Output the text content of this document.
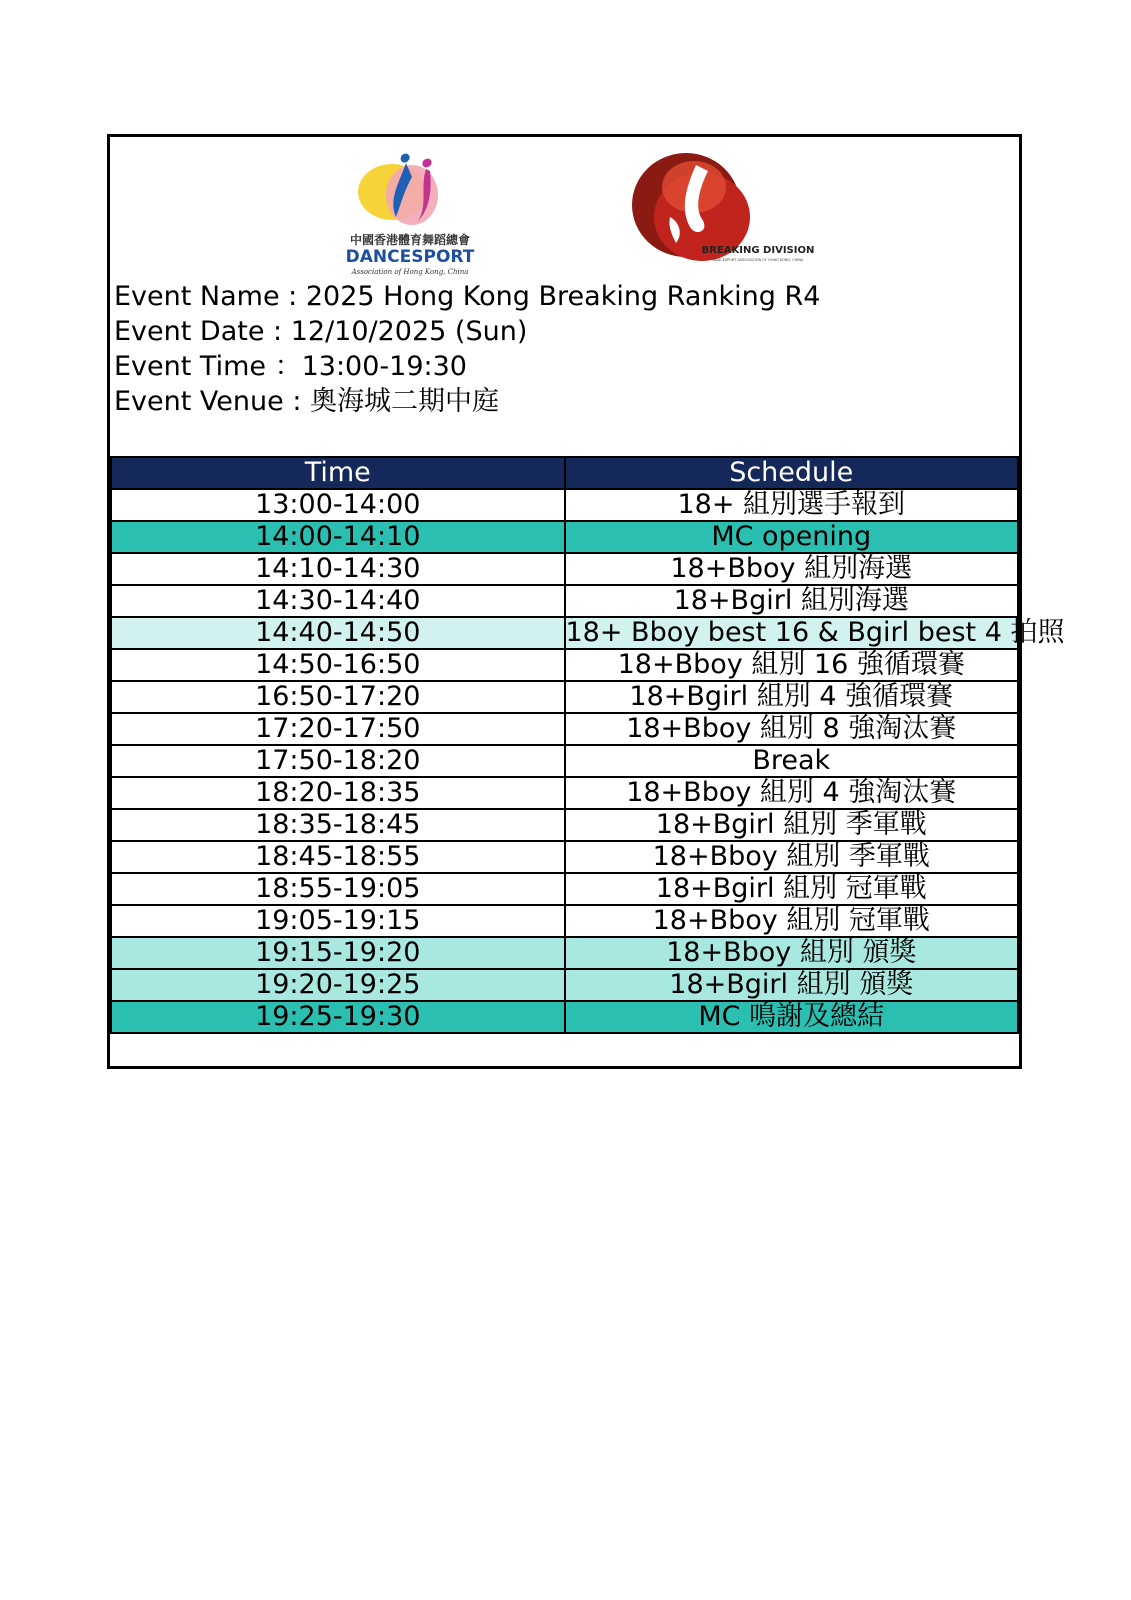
中國香港體育舞蹈總會
DANCESPORT
Association of Hong Kong, China
BREAKING DIVISION
DANCESPORT ASSOCIATION OF HONG KONG, CHINA
Event Name : 2025 Hong Kong Breaking Ranking R4
Event Date : 12/10/2025 (Sun)
Event Time ：13:00-19:30
Event Venue : 奧海城二期中庭
Time	Schedule
13:00-14:00	18+ 組別選手報到
14:00-14:10	MC opening
14:10-14:30	18+Bboy 組別海選
14:30-14:40	18+Bgirl 組別海選
14:40-14:50	18+ Bboy best 16 & Bgirl best 4 拍照
14:50-16:50	18+Bboy 組別 16 強循環賽
16:50-17:20	18+Bgirl 組別 4 強循環賽
17:20-17:50	18+Bboy 組別 8 強淘汰賽
17:50-18:20	Break
18:20-18:35	18+Bboy 組別 4 強淘汰賽
18:35-18:45	18+Bgirl 組別 季軍戰
18:45-18:55	18+Bboy 組別 季軍戰
18:55-19:05	18+Bgirl 組別 冠軍戰
19:05-19:15	18+Bboy 組別 冠軍戰
19:15-19:20	18+Bboy 組別 頒獎
19:20-19:25	18+Bgirl 組別 頒獎
19:25-19:30	MC 鳴謝及總結
